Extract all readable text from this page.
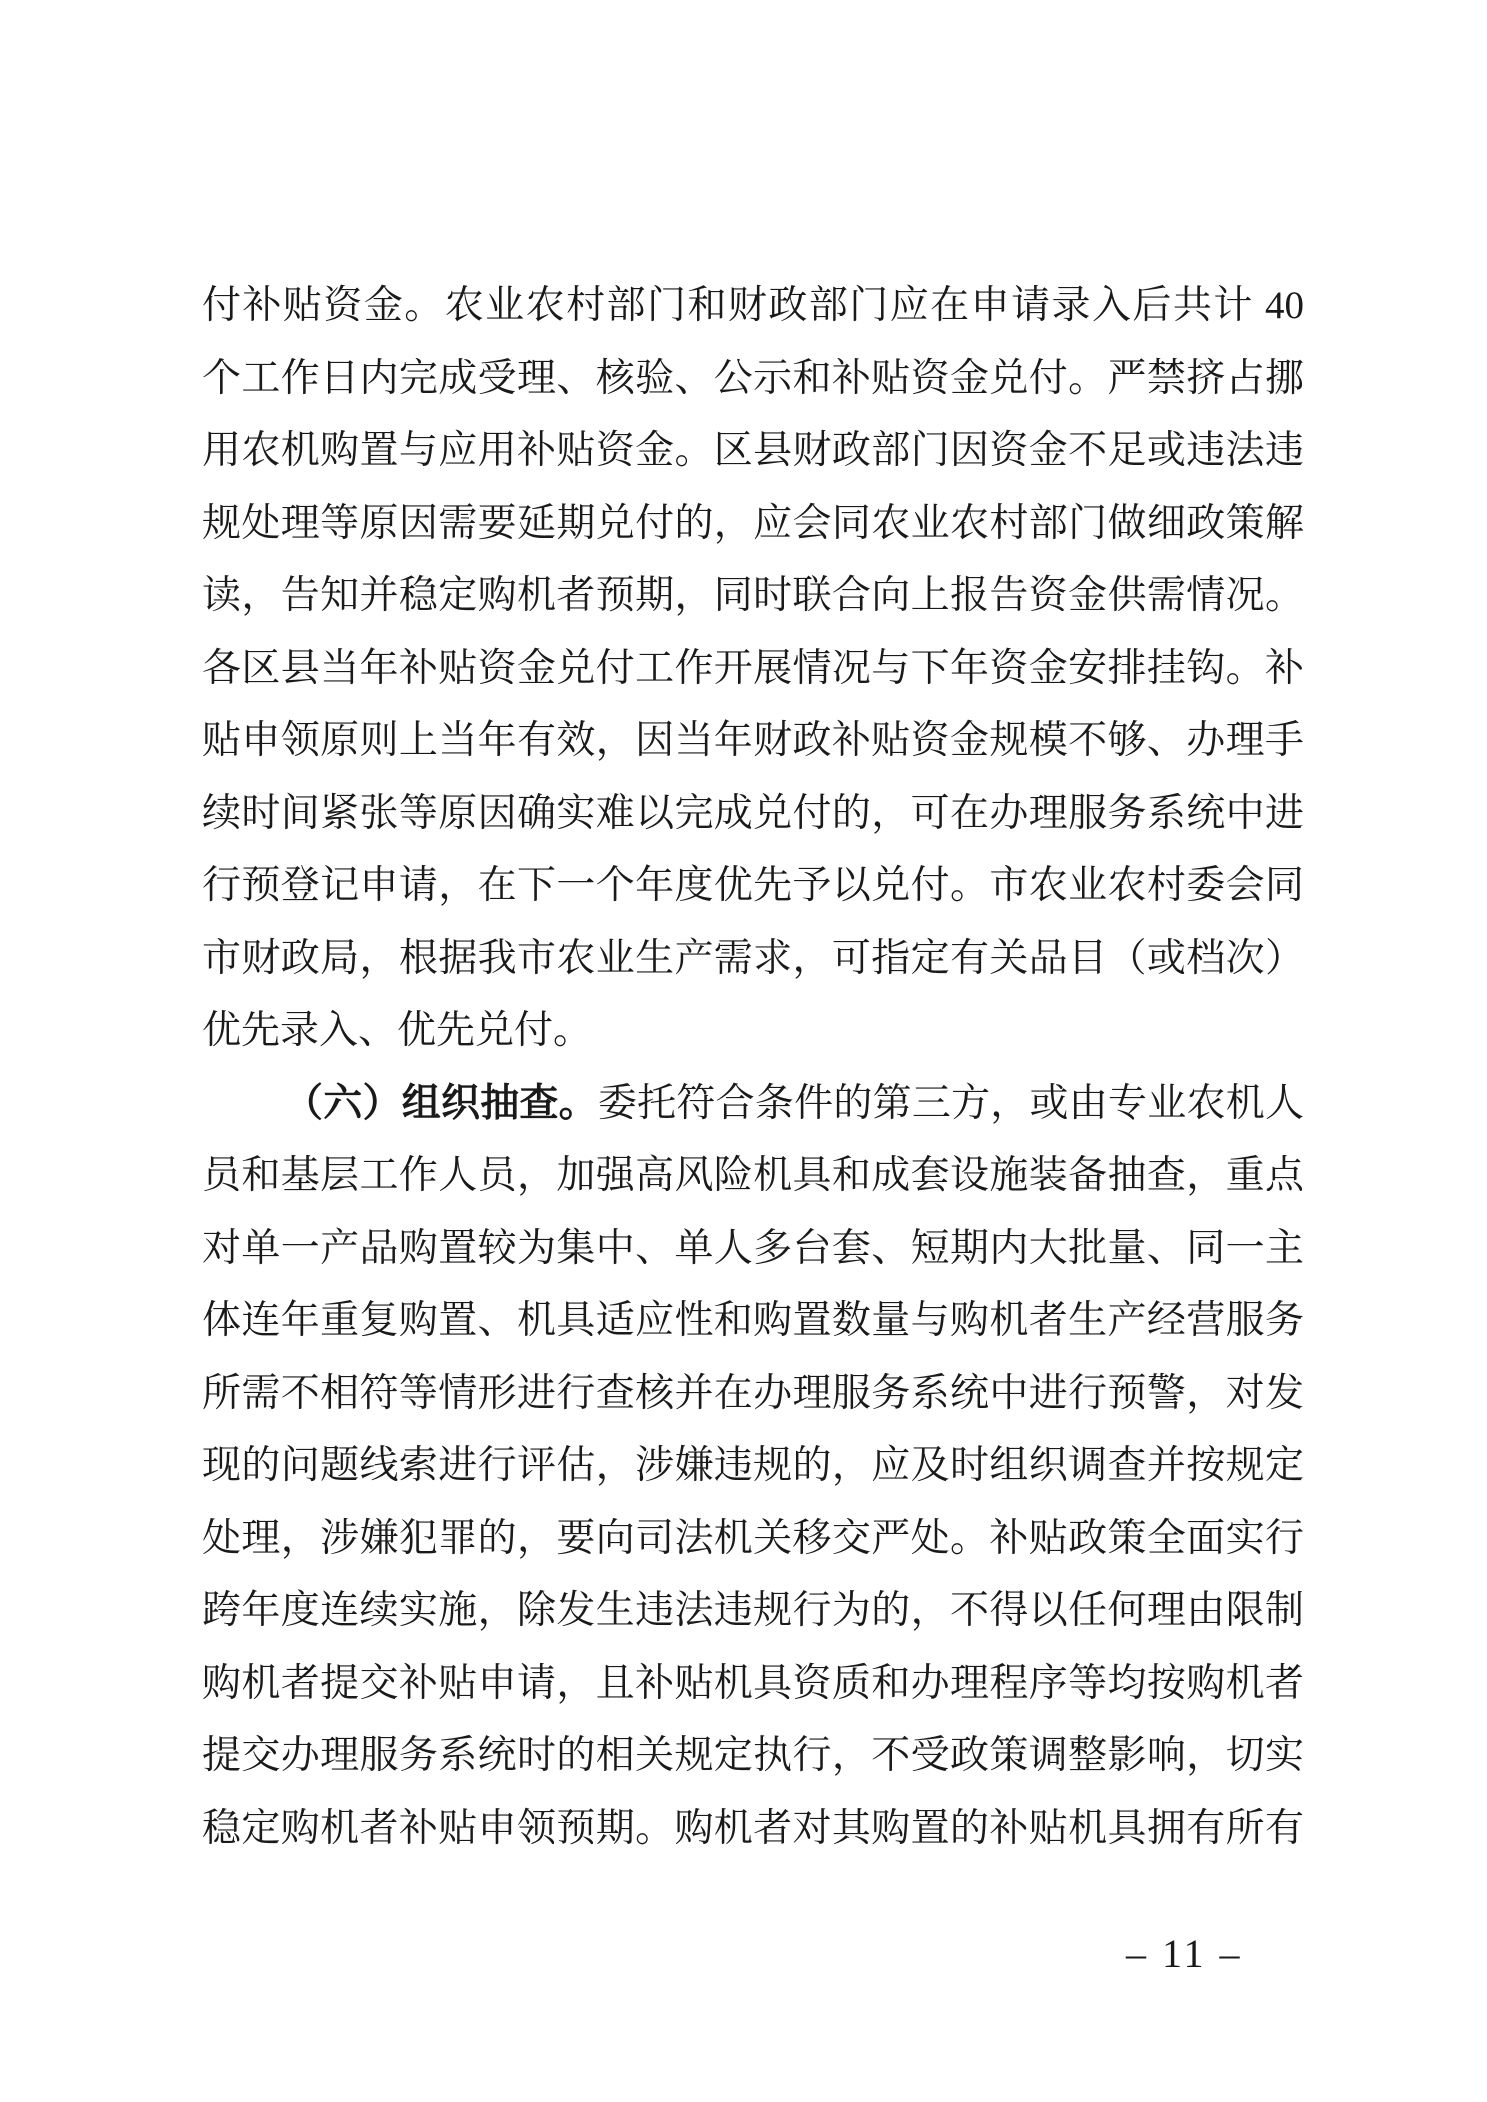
付补贴资金。农业农村部门和财政部门应在申请录入后共计 40
个工作日内完成受理、核验、公示和补贴资金兑付。严禁挤占挪
用农机购置与应用补贴资金。区县财政部门因资金不足或违法违
规处理等原因需要延期兑付的，应会同农业农村部门做细政策解
读，告知并稳定购机者预期，同时联合向上报告资金供需情况。
各区县当年补贴资金兑付工作开展情况与下年资金安排挂钩。补
贴申领原则上当年有效，因当年财政补贴资金规模不够、办理手
续时间紧张等原因确实难以完成兑付的，可在办理服务系统中进
行预登记申请，在下一个年度优先予以兑付。市农业农村委会同
市财政局，根据我市农业生产需求，可指定有关品目（或档次）
优先录入、优先兑付。
（六）组织抽查。委托符合条件的第三方，或由专业农机人
员和基层工作人员，加强高风险机具和成套设施装备抽查，重点
对单一产品购置较为集中、单人多台套、短期内大批量、同一主
体连年重复购置、机具适应性和购置数量与购机者生产经营服务
所需不相符等情形进行查核并在办理服务系统中进行预警，对发
现的问题线索进行评估，涉嫌违规的，应及时组织调查并按规定
处理，涉嫌犯罪的，要向司法机关移交严处。补贴政策全面实行
跨年度连续实施，除发生违法违规行为的，不得以任何理由限制
购机者提交补贴申请，且补贴机具资质和办理程序等均按购机者
提交办理服务系统时的相关规定执行，不受政策调整影响，切实
稳定购机者补贴申领预期。购机者对其购置的补贴机具拥有所有
– 11 –
